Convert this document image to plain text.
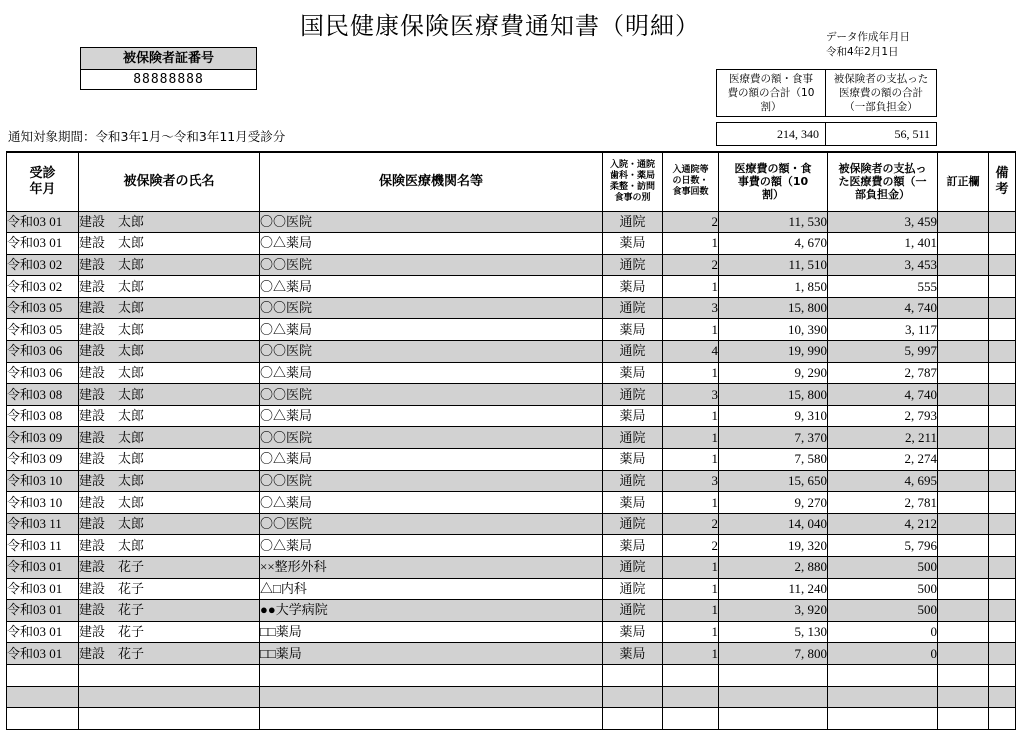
国民健康保険医療費通知書（明細）	データ作成年月日
令和4年2月1日
被保険者証番号
88888888	医療費の額・食事費の額の合計（10割）
被保険者の支払った医療費の額の合計（一部負担金）
214, 340	56, 511
通知対象期間：令和3年1月～令和3年11月受診分
受診年月	被保険者の氏名	保険医療機関名等	入院・通院歯科・薬局柔整・訪問食事の別	入通院等の日数・食事回数	医療費の額・食事費の額（10割）	被保険者の支払った医療費の額（一部負担金）	訂正欄	備考
令和03 01	建設　太郎	〇〇医院	通院	2	11, 530	3, 459		
令和03 01	建設　太郎	〇△薬局	薬局	1	4, 670	1, 401		
令和03 02	建設　太郎	〇〇医院	通院	2	11, 510	3, 453		
令和03 02	建設　太郎	〇△薬局	薬局	1	1, 850	555		
令和03 05	建設　太郎	〇〇医院	通院	3	15, 800	4, 740		
令和03 05	建設　太郎	〇△薬局	薬局	1	10, 390	3, 117		
令和03 06	建設　太郎	〇〇医院	通院	4	19, 990	5, 997		
令和03 06	建設　太郎	〇△薬局	薬局	1	9, 290	2, 787		
令和03 08	建設　太郎	〇〇医院	通院	3	15, 800	4, 740		
令和03 08	建設　太郎	〇△薬局	薬局	1	9, 310	2, 793		
令和03 09	建設　太郎	〇〇医院	通院	1	7, 370	2, 211		
令和03 09	建設　太郎	〇△薬局	薬局	1	7, 580	2, 274		
令和03 10	建設　太郎	〇〇医院	通院	3	15, 650	4, 695		
令和03 10	建設　太郎	〇△薬局	薬局	1	9, 270	2, 781		
令和03 11	建設　太郎	〇〇医院	通院	2	14, 040	4, 212		
令和03 11	建設　太郎	〇△薬局	薬局	2	19, 320	5, 796		
令和03 01	建設　花子	××整形外科	通院	1	2, 880	500		
令和03 01	建設　花子	△□内科	通院	1	11, 240	500		
令和03 01	建設　花子	●●大学病院	通院	1	3, 920	500		
令和03 01	建設　花子	□□薬局	薬局	1	5, 130	0		
令和03 01	建設　花子	□□薬局	薬局	1	7, 800	0		
